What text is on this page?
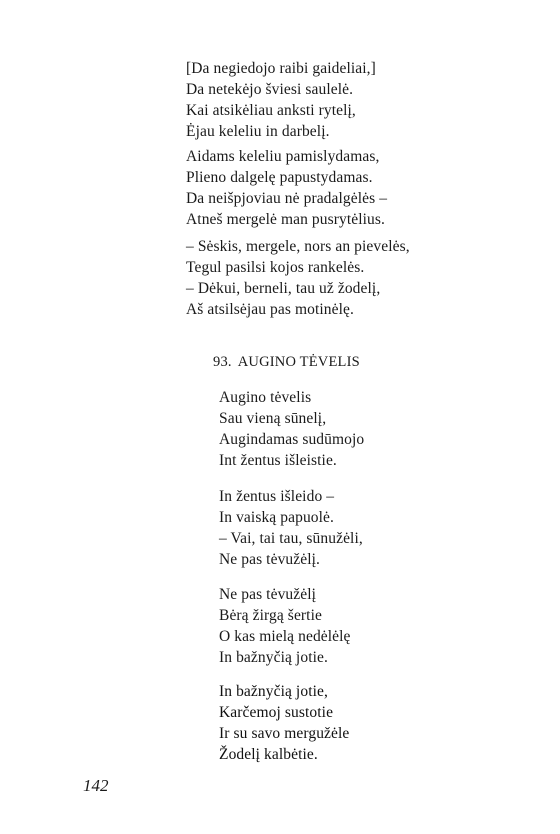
[Da negiedojo raibi gaideliai,]
Da netekėjo šviesi saulelė.
Kai atsikėliau anksti rytelį,
Ėjau keleliu in darbelį.
Aidams keleliu pamislydamas,
Plieno dalgelę papustydamas.
Da neišpjoviau nė pradalgėlės –
Atneš mergelė man pusrytėlius.
– Sėskis, mergele, nors an pievelės,
Tegul pasilsi kojos rankelės.
– Dėkui, berneli, tau už žodelį,
Aš atsilsėjau pas motinėlę.
93. AUGINO TĖVELIS
Augino tėvelis
Sau vieną sūnelį,
Augindamas sudūmojo
Int žentus išleistie.
In žentus išleido –
In vaiską papuolė.
– Vai, tai tau, sūnužėli,
Ne pas tėvužėlį.
Ne pas tėvužėlį
Bėrą žirgą šertie
O kas mielą nedėlėlę
In bažnyčią jotie.
In bažnyčią jotie,
Karčemoj sustotie
Ir su savo mergužėle
Žodelį kalbėtie.
142
